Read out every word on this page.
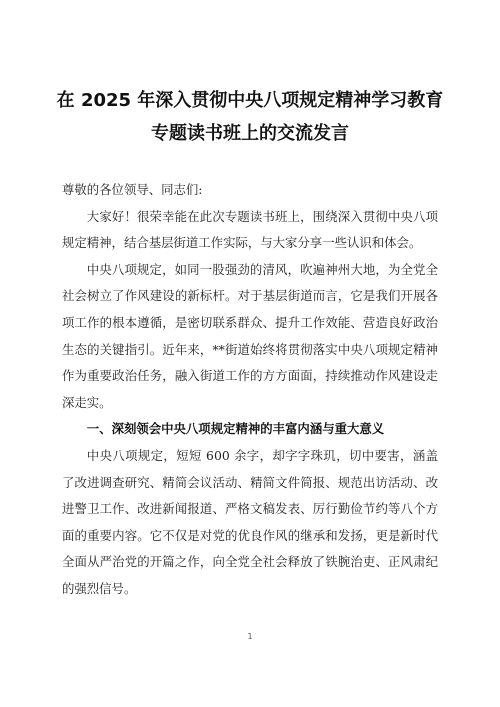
在 2025 年深入贯彻中央八项规定精神学习教育
专题读书班上的交流发言

尊敬的各位领导、同志们:

大家好！很荣幸能在此次专题读书班上，围绕深入贯彻中央八项规定精神，结合基层街道工作实际，与大家分享一些认识和体会。

中央八项规定，如同一股强劲的清风，吹遍神州大地，为全党全社会树立了作风建设的新标杆。对于基层街道而言，它是我们开展各项工作的根本遵循，是密切联系群众、提升工作效能、营造良好政治生态的关键指引。近年来，**街道始终将贯彻落实中央八项规定精神作为重要政治任务，融入街道工作的方方面面，持续推动作风建设走深走实。

一、深刻领会中央八项规定精神的丰富内涵与重大意义

中央八项规定，短短 600 余字，却字字珠玑，切中要害，涵盖了改进调查研究、精简会议活动、精简文件简报、规范出访活动、改进警卫工作、改进新闻报道、严格文稿发表、厉行勤俭节约等八个方面的重要内容。它不仅是对党的优良作风的继承和发扬，更是新时代全面从严治党的开篇之作，向全党全社会释放了铁腕治吏、正风肃纪的强烈信号。

1
